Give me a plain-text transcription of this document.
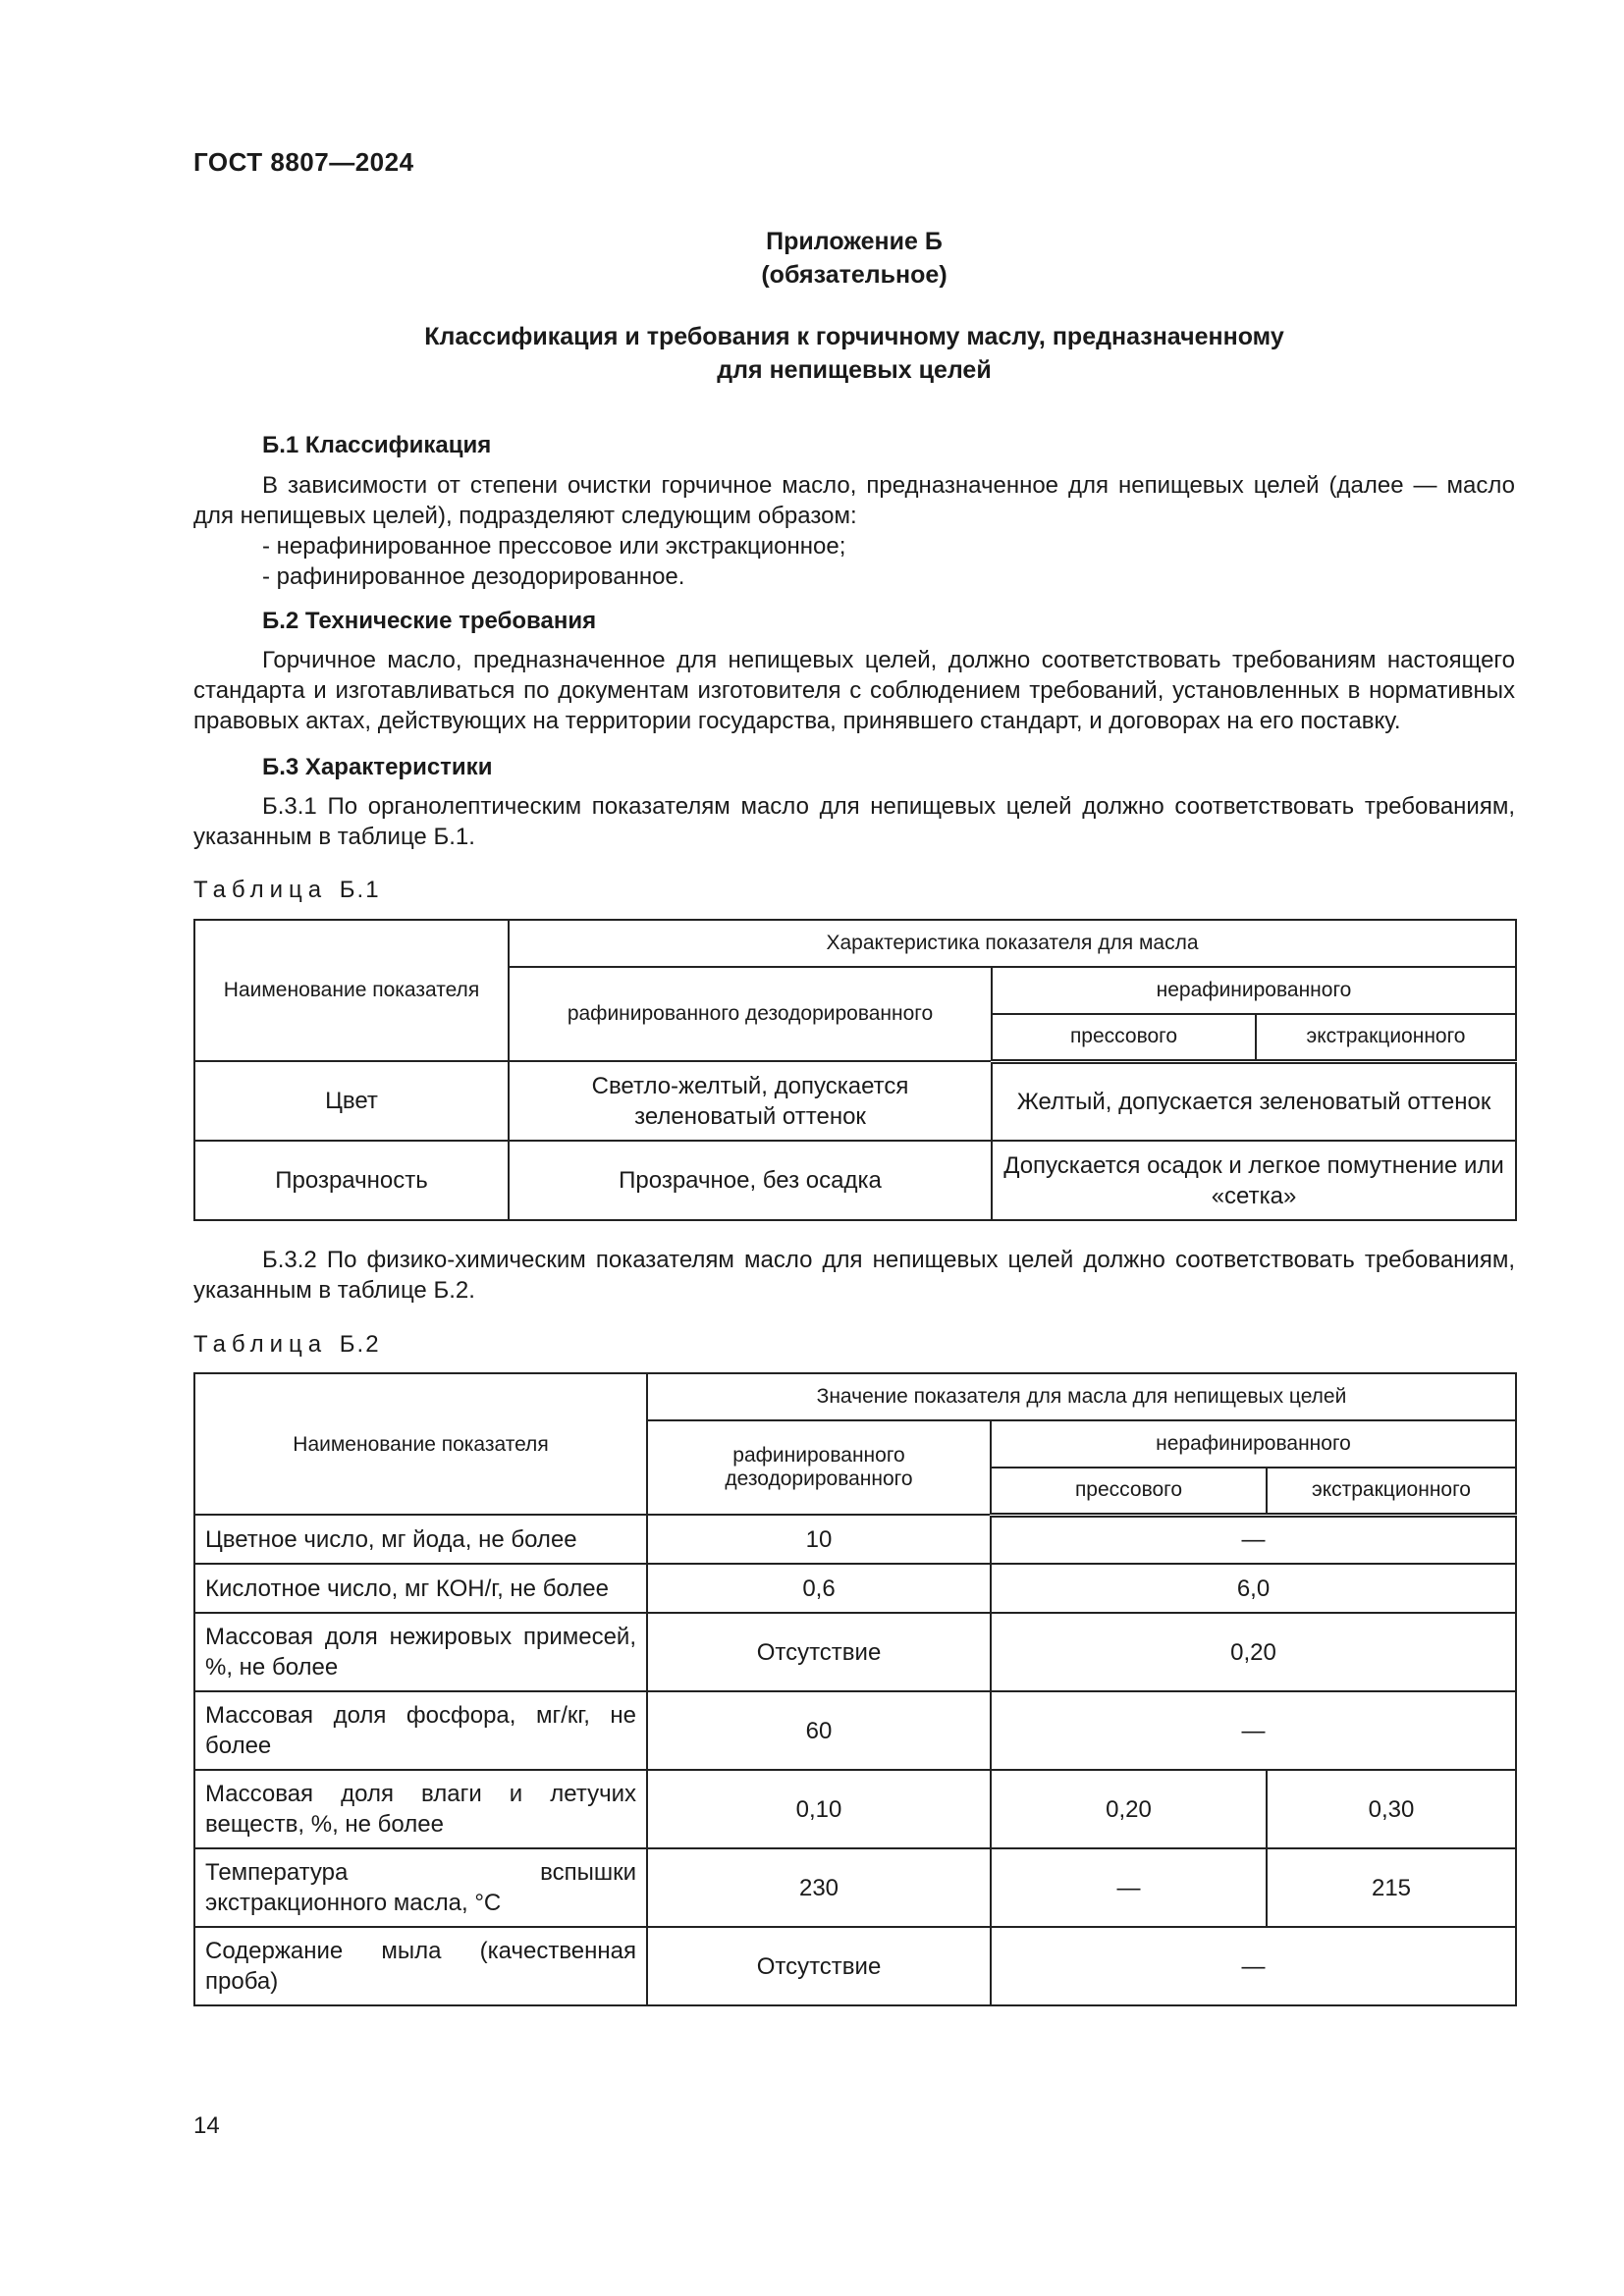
ГОСТ 8807—2024
Приложение Б
(обязательное)
Классификация и требования к горчичному маслу, предназначенному
для непищевых целей
Б.1 Классификация

В зависимости от степени очистки горчичное масло, предназначенное для непищевых целей (далее — масло для непищевых целей), подразделяют следующим образом:

- нерафинированное прессовое или экстракционное;

- рафинированное дезодорированное.

Б.2 Технические требования

Горчичное масло, предназначенное для непищевых целей, должно соответствовать требованиям настоящего стандарта и изготавливаться по документам изготовителя с соблюдением требований, установленных в нормативных правовых актах, действующих на территории государства, принявшего стандарт, и договорах на его поставку.

Б.3 Характеристики

Б.3.1 По органолептическим показателям масло для непищевых целей должно соответствовать требованиям, указанным в таблице Б.1.

Таблица Б.1
Наименование показателя	Характеристика показателя для масла		
	рафинированного дезодорированного	нерафинированного	
		прессового	экстракционного
Цвет	Светло-желтый, допускается зеленоватый оттенок	Желтый, допускается зеленоватый оттенок	
Прозрачность	Прозрачное, без осадка	Допускается осадок и легкое помутнение или «сетка»	

Б.3.2 По физико-химическим показателям масло для непищевых целей должно соответствовать требованиям, указанным в таблице Б.2.

Таблица Б.2
Наименование показателя	Значение показателя для масла для непищевых целей		
	рафинированного дезодорированного	нерафинированного	
		прессового	экстракционного
Цветное число, мг йода, не более	10	—	
Кислотное число, мг КОН/г, не более	0,6	6,0	
Массовая доля нежировых примесей, %, не более	Отсутствие	0,20	
Массовая доля фосфора, мг/кг, не более	60	—	
Массовая доля влаги и летучих веществ, %, не более	0,10	0,20	0,30
Температура вспышки экстракционного масла, °С	230	—	215
Содержание мыла (качественная проба)	Отсутствие	—	
14
